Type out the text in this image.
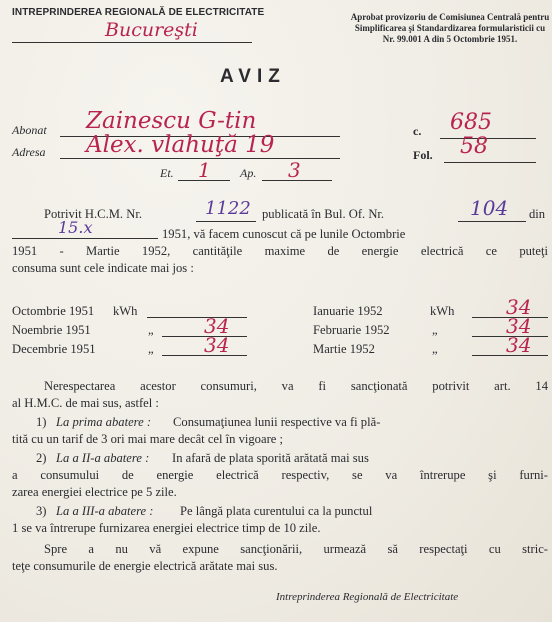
INTREPRINDEREA REGIONALĂ DE ELECTRICITATE
Bucureşti
Aprobat provizoriu de Comisiunea Centrală pentru Simplificarea şi Standardizarea formularisticii cu Nr. 99.001 A din 5 Octombrie 1951.
AVIZ
Abonat Zainescu G-tin
Adresa Alex. vlahuţă 19
Et. 1 Ap. 3
c. 685
Fol. 58
Potrivit H.C.M. Nr.	1122 publicată în Bul. Of. Nr.	104 din
15.x	1951, vă facem cunoscut că pe lunile Octombrie
1951 - Martie 1952, cantităţile maxime de energie electrică ce puteţi
consuma sunt cele indicate mai jos :
Octombrie 1951 kWh
Noembrie 1951	„	34
Decembrie 1951	„	34
Ianuarie 1952	kWh	34
Februarie 1952	„	34
Martie 1952	„	34
Nerespectarea acestor consumuri, va fi sancţionată potrivit art. 14
al H.M.C. de mai sus, astfel :
1) La prima abatere : Consumaţiunea lunii respective va fi plă-
tită cu un tarif de 3 ori mai mare decât cel în vigoare ;
2) La a II-a abatere : In afară de plata sporită arătată mai sus
a consumului de energie electrică respectiv, se va întrerupe şi furni-
zarea energiei electrice pe 5 zile.
3) La a III-a abatere : Pe lângă plata curentului ca la punctul
1 se va întrerupe furnizarea energiei electrice timp de 10 zile.
Spre a nu vă expune sancţionării, urmează să respectaţi cu stric-
teţe consumurile de energie electrică arătate mai sus.
Intreprinderea Regională de Electricitate
